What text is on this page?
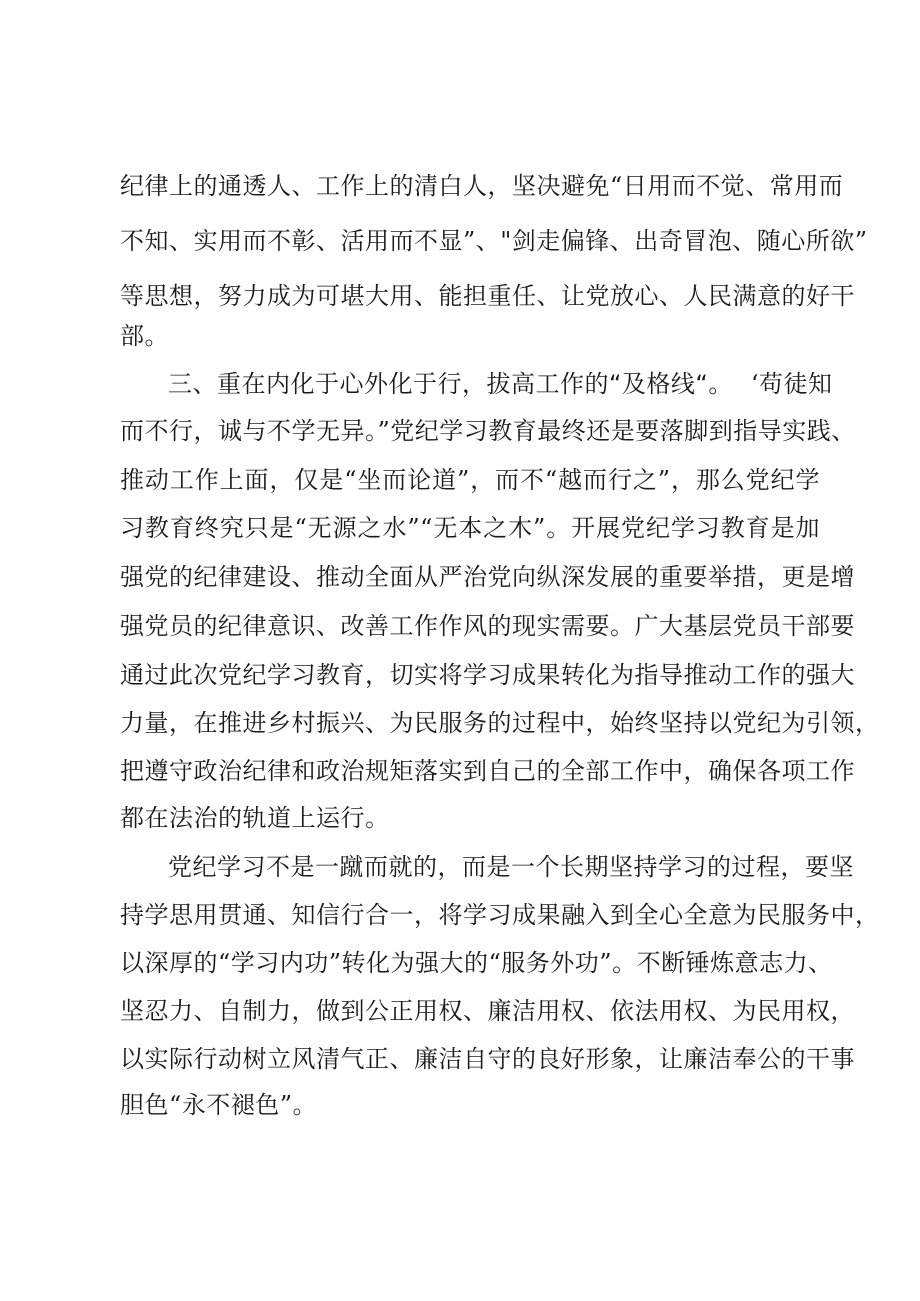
纪律上的通透人、工作上的清白人，坚决避免“日用而不觉、常用而
不知、实用而不彰、活用而不显”、"剑走偏锋、出奇冒泡、随心所欲”
等思想，努力成为可堪大用、能担重任、让党放心、人民满意的好干
部。
三、重在内化于心外化于行，拔高工作的“及格线“。 ‘苟徒知
而不行，诚与不学无异。”党纪学习教育最终还是要落脚到指导实践、
推动工作上面，仅是“坐而论道”，而不“越而行之”，那么党纪学
习教育终究只是“无源之水”“无本之木”。开展党纪学习教育是加
强党的纪律建设、推动全面从严治党向纵深发展的重要举措，更是增
强党员的纪律意识、改善工作作风的现实需要。广大基层党员干部要
通过此次党纪学习教育，切实将学习成果转化为指导推动工作的强大
力量，在推进乡村振兴、为民服务的过程中，始终坚持以党纪为引领，
把遵守政治纪律和政治规矩落实到自己的全部工作中，确保各项工作
都在法治的轨道上运行。
党纪学习不是一蹴而就的，而是一个长期坚持学习的过程，要坚
持学思用贯通、知信行合一，将学习成果融入到全心全意为民服务中，
以深厚的“学习内功”转化为强大的“服务外功”。不断锤炼意志力、
坚忍力、自制力，做到公正用权、廉洁用权、依法用权、为民用权，
以实际行动树立风清气正、廉洁自守的良好形象，让廉洁奉公的干事
胆色“永不褪色”。
